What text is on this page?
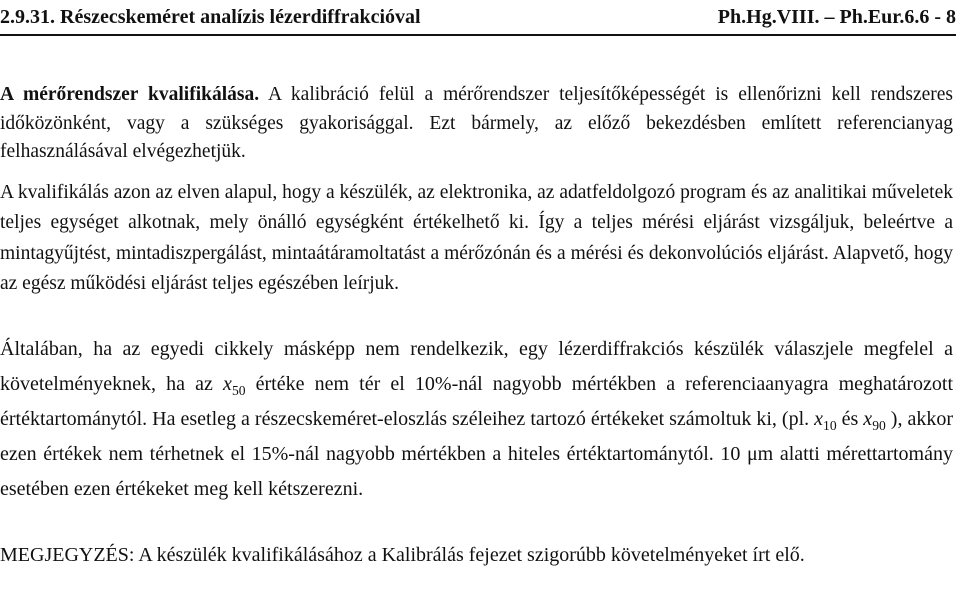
2.9.31. Részecskeméret analízis lézerdiffrakcióval	Ph.Hg.VIII. – Ph.Eur.6.6 - 8

A mérőrendszer kvalifikálása. A kalibráció felül a mérőrendszer teljesítőképességét is ellenőrizni kell rendszeres időközönként, vagy a szükséges gyakorisággal. Ezt bármely, az előző bekezdésben említett referencianyag felhasználásával elvégezhetjük.

A kvalifikálás azon az elven alapul, hogy a készülék, az elektronika, az adatfeldolgozó program és az analitikai műveletek teljes egységet alkotnak, mely önálló egységként értékelhető ki. Így a teljes mérési eljárást vizsgáljuk, beleértve a mintagyűjtést, mintadiszpergálást, mintaátáramoltatást a mérőzónán és a mérési és dekonvolúciós eljárást. Alapvető, hogy az egész működési eljárást teljes egészében leírjuk.

Általában, ha az egyedi cikkely másképp nem rendelkezik, egy lézerdiffrakciós készülék válaszjele megfelel a követelményeknek, ha az $x_{50}$ értéke nem tér el 10%-nál nagyobb mértékben a referenciaanyagra meghatározott értéktartománytól. Ha esetleg a részecskeméret-eloszlás széleihez tartozó értékeket számoltuk ki, (pl. $x_{10}$ és $x_{90}$ ), akkor ezen értékek nem térhetnek el 15%-nál nagyobb mértékben a hiteles értéktartománytól. 10 μm alatti mérettartomány esetében ezen értékeket meg kell kétszerezni.

MEGJEGYZÉS: A készülék kvalifikálásához a Kalibrálás fejezet szigorúbb követelményeket írt elő.
